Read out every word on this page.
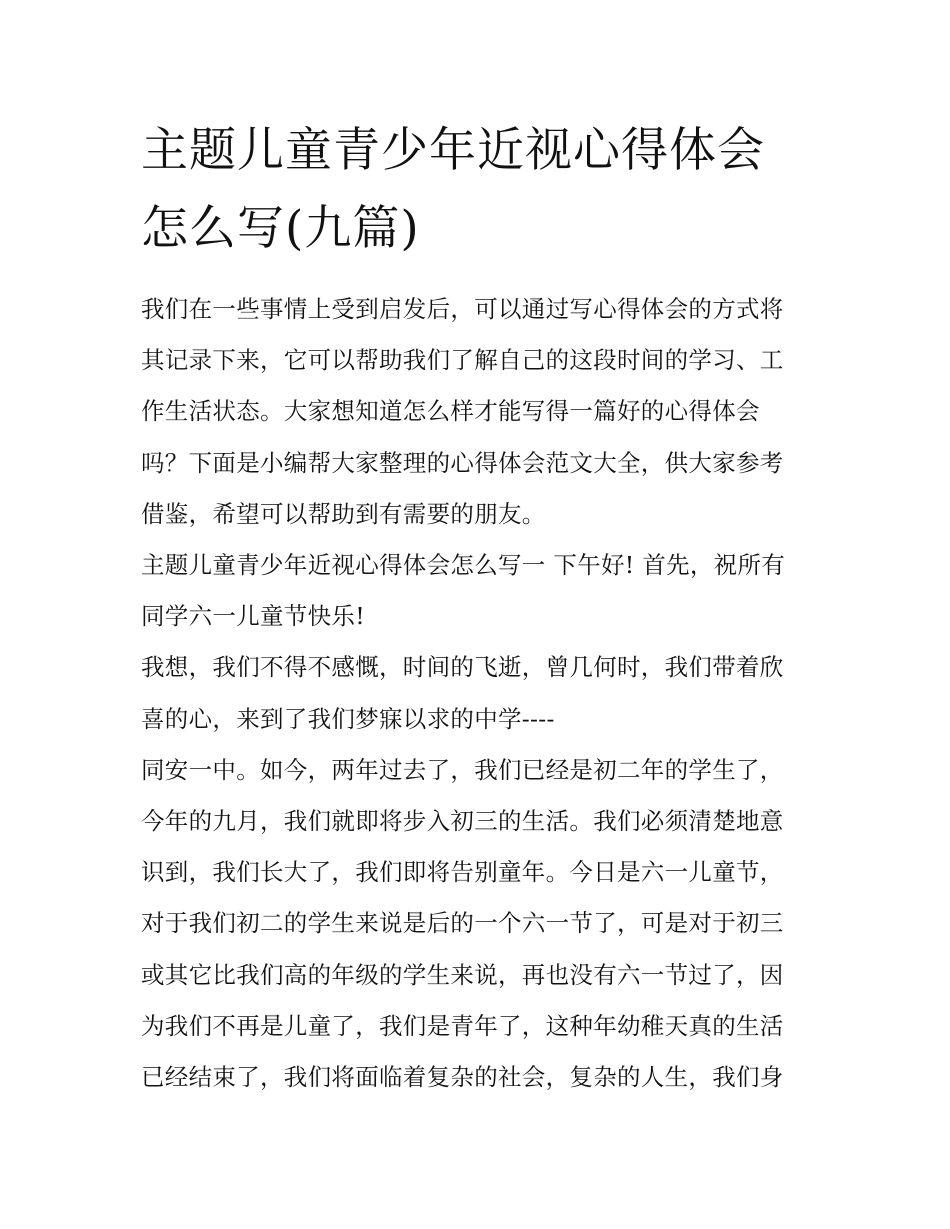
主题儿童青少年近视心得体会
怎么写(九篇)
我们在一些事情上受到启发后，可以通过写心得体会的方式将
其记录下来，它可以帮助我们了解自己的这段时间的学习、工
作生活状态。大家想知道怎么样才能写得一篇好的心得体会
吗？下面是小编帮大家整理的心得体会范文大全，供大家参考
借鉴，希望可以帮助到有需要的朋友。
主题儿童青少年近视心得体会怎么写一 下午好! 首先，祝所有
同学六一儿童节快乐!
我想，我们不得不感慨，时间的飞逝，曾几何时，我们带着欣
喜的心，来到了我们梦寐以求的中学----
同安一中。如今，两年过去了，我们已经是初二年的学生了，
今年的九月，我们就即将步入初三的生活。我们必须清楚地意
识到，我们长大了，我们即将告别童年。今日是六一儿童节，
对于我们初二的学生来说是后的一个六一节了，可是对于初三
或其它比我们高的年级的学生来说，再也没有六一节过了，因
为我们不再是儿童了，我们是青年了，这种年幼稚天真的生活
已经结束了，我们将面临着复杂的社会，复杂的人生，我们身
